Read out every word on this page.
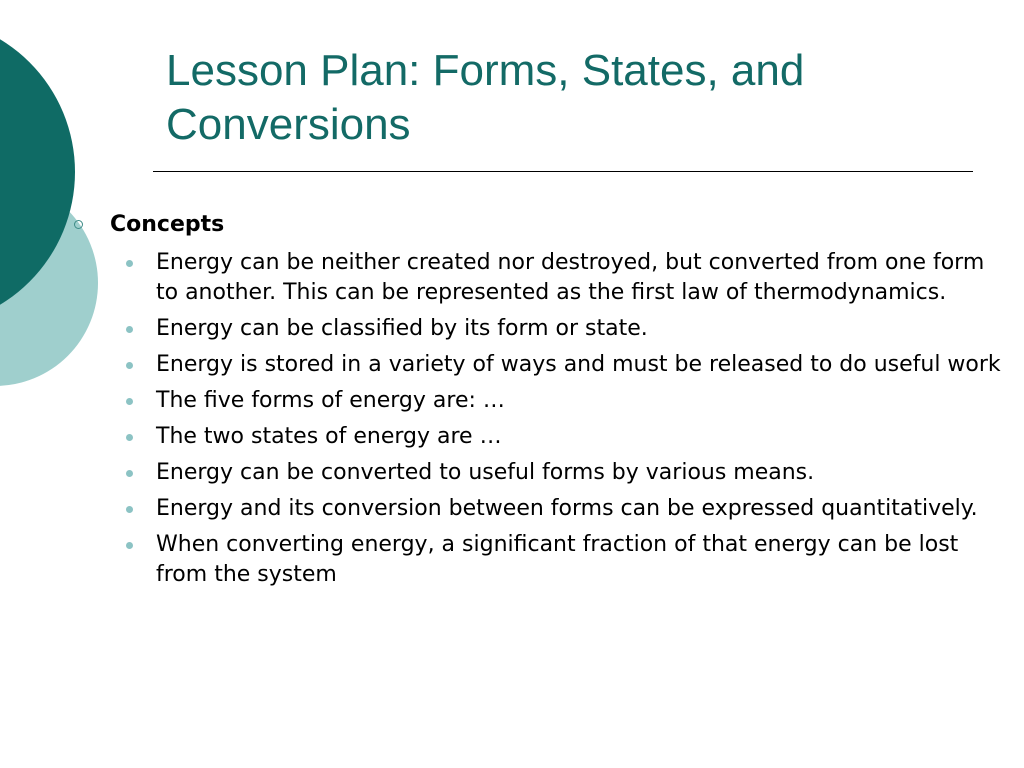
Lesson Plan: Forms, States, and Conversions
Concepts
Energy can be neither created nor destroyed, but converted from one form to another. This can be represented as the first law of thermodynamics.
Energy can be classified by its form or state.
Energy is stored in a variety of ways and must be released to do useful work
The five forms of energy are: …
The two states of energy are …
Energy can be converted to useful forms by various means.
Energy and its conversion between forms can be expressed quantitatively.
When converting energy, a significant fraction of that energy can be lost from the system
